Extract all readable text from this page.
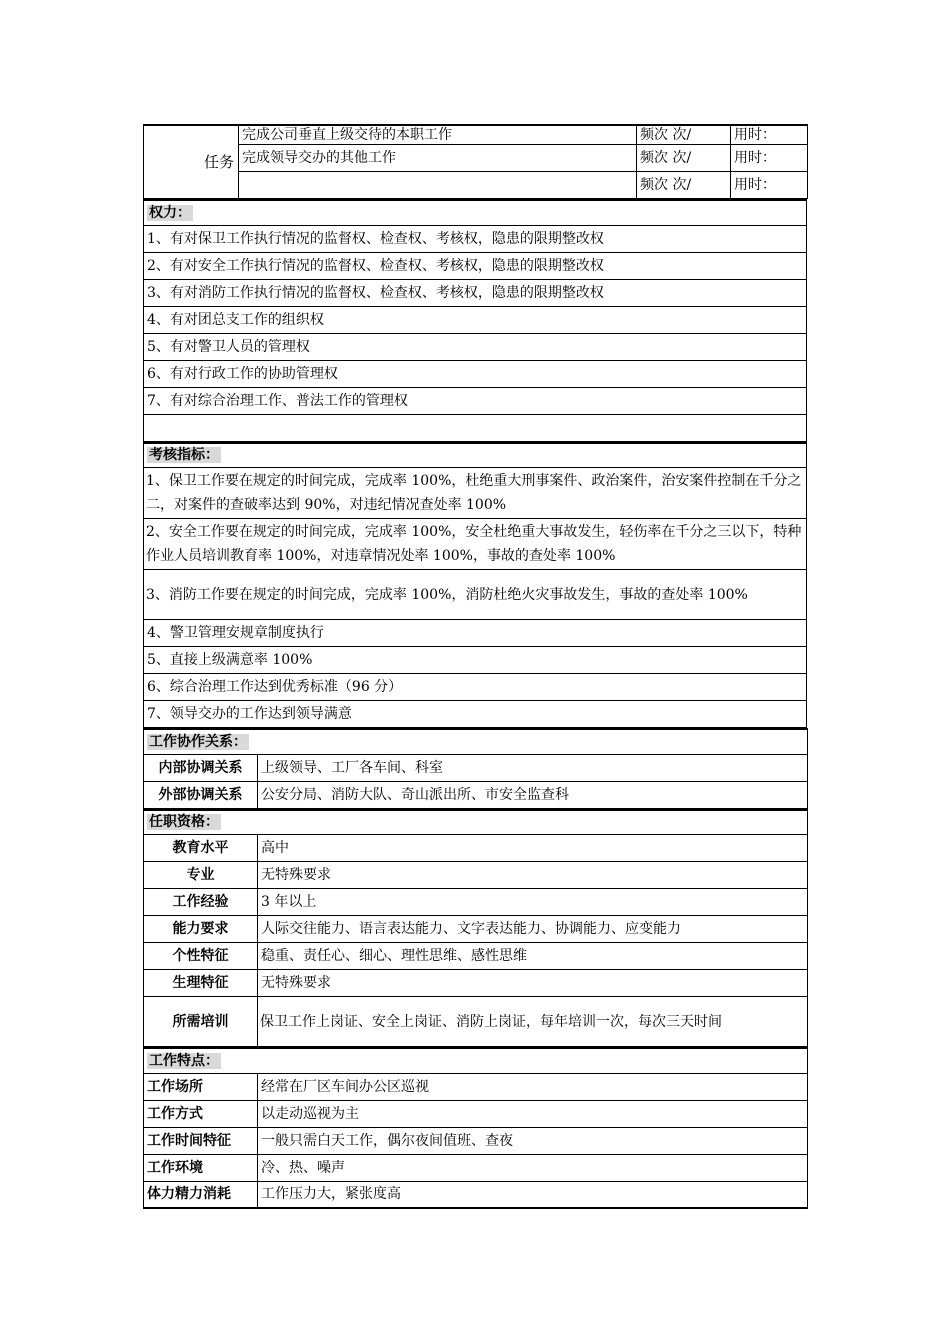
任务	完成公司垂直上级交待的本职工作	频次 次/	用时：
	完成领导交办的其他工作	频次 次/	用时：
		频次 次/	用时：
权力：
1、有对保卫工作执行情况的监督权、检查权、考核权，隐患的限期整改权
2、有对安全工作执行情况的监督权、检查权、考核权，隐患的限期整改权
3、有对消防工作执行情况的监督权、检查权、考核权，隐患的限期整改权
4、有对团总支工作的组织权
5、有对警卫人员的管理权
6、有对行政工作的协助管理权
7、有对综合治理工作、普法工作的管理权

考核指标：
1、保卫工作要在规定的时间完成，完成率 100%，杜绝重大刑事案件、政治案件，治安案件控制在千分之二，对案件的查破率达到 90%，对违纪情况查处率 100%
2、安全工作要在规定的时间完成，完成率 100%，安全杜绝重大事故发生，轻伤率在千分之三以下，特种作业人员培训教育率 100%，对违章情况处率 100%，事故的查处率 100%
3、消防工作要在规定的时间完成，完成率 100%，消防杜绝火灾事故发生，事故的查处率 100%
4、警卫管理安规章制度执行
5、直接上级满意率 100%
6、综合治理工作达到优秀标准（96 分）
7、领导交办的工作达到领导满意
工作协作关系：	
内部协调关系	上级领导、工厂各车间、科室
外部协调关系	公安分局、消防大队、奇山派出所、市安全监查科
任职资格：	
教育水平	高中
专业	无特殊要求
工作经验	3 年以上
能力要求	人际交往能力、语言表达能力、文字表达能力、协调能力、应变能力
个性特征	稳重、责任心、细心、理性思维、感性思维
生理特征	无特殊要求
所需培训	保卫工作上岗证、安全上岗证、消防上岗证，每年培训一次，每次三天时间
工作特点：	
工作场所	经常在厂区车间办公区巡视
工作方式	以走动巡视为主
工作时间特征	一般只需白天工作，偶尔夜间值班、查夜
工作环境	冷、热、噪声
体力精力消耗	工作压力大，紧张度高
